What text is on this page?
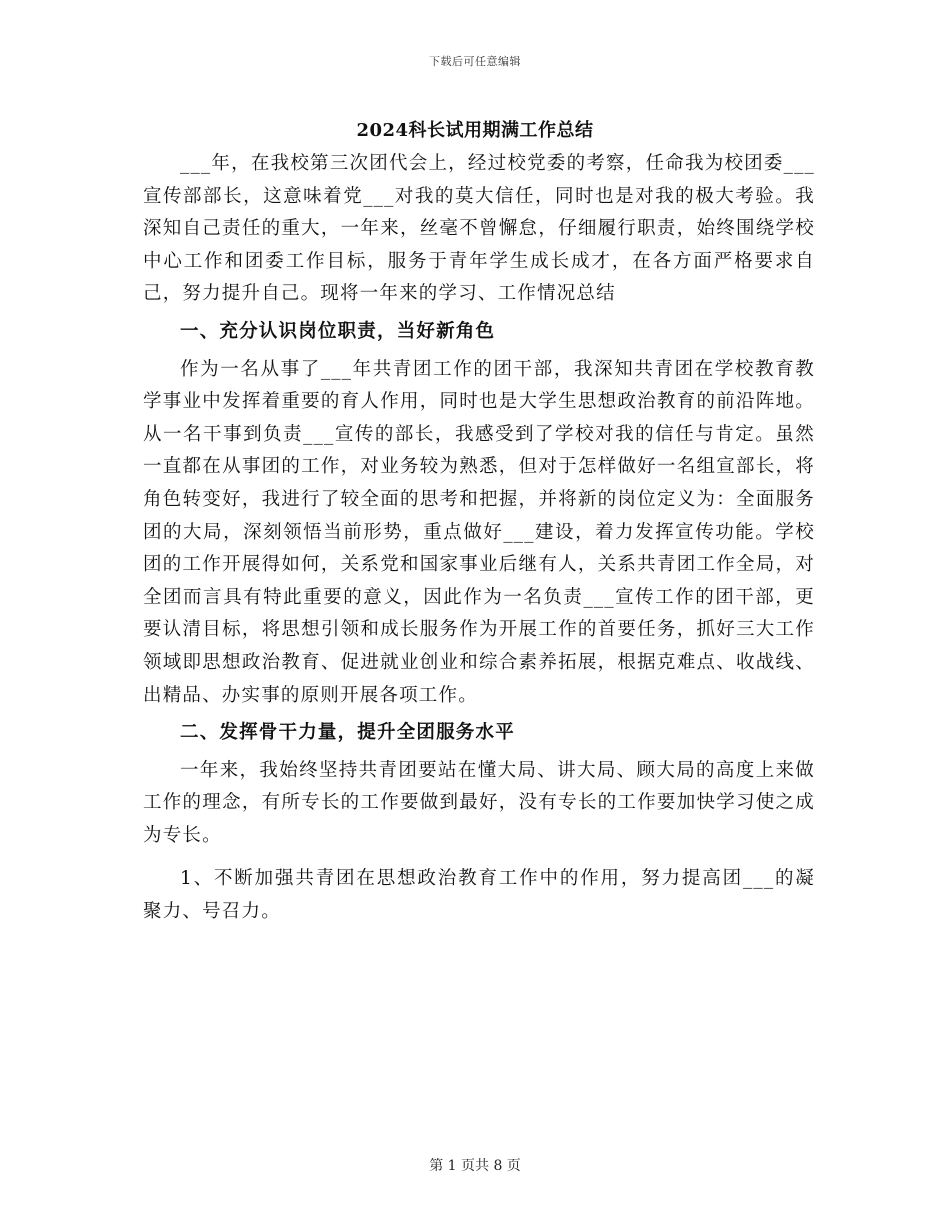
下载后可任意编辑
2024科长试用期满工作总结

___年，在我校第三次团代会上，经过校党委的考察，任命我为校团委___宣传部部长，这意味着党___对我的莫大信任，同时也是对我的极大考验。我深知自己责任的重大，一年来，丝毫不曾懈怠，仔细履行职责，始终围绕学校中心工作和团委工作目标，服务于青年学生成长成才，在各方面严格要求自己，努力提升自己。现将一年来的学习、工作情况总结

一、充分认识岗位职责，当好新角色

作为一名从事了___年共青团工作的团干部，我深知共青团在学校教育教学事业中发挥着重要的育人作用，同时也是大学生思想政治教育的前沿阵地。从一名干事到负责___宣传的部长，我感受到了学校对我的信任与肯定。虽然一直都在从事团的工作，对业务较为熟悉，但对于怎样做好一名组宣部长，将角色转变好，我进行了较全面的思考和把握，并将新的岗位定义为：全面服务团的大局，深刻领悟当前形势，重点做好___建设，着力发挥宣传功能。学校团的工作开展得如何，关系党和国家事业后继有人，关系共青团工作全局，对全团而言具有特此重要的意义，因此作为一名负责___宣传工作的团干部，更要认清目标，将思想引领和成长服务作为开展工作的首要任务，抓好三大工作领域即思想政治教育、促进就业创业和综合素养拓展，根据克难点、收战线、出精品、办实事的原则开展各项工作。

二、发挥骨干力量，提升全团服务水平

一年来，我始终坚持共青团要站在懂大局、讲大局、顾大局的高度上来做工作的理念，有所专长的工作要做到最好，没有专长的工作要加快学习使之成为专长。

1、不断加强共青团在思想政治教育工作中的作用，努力提高团___的凝聚力、号召力。

第 1 页共 8 页
